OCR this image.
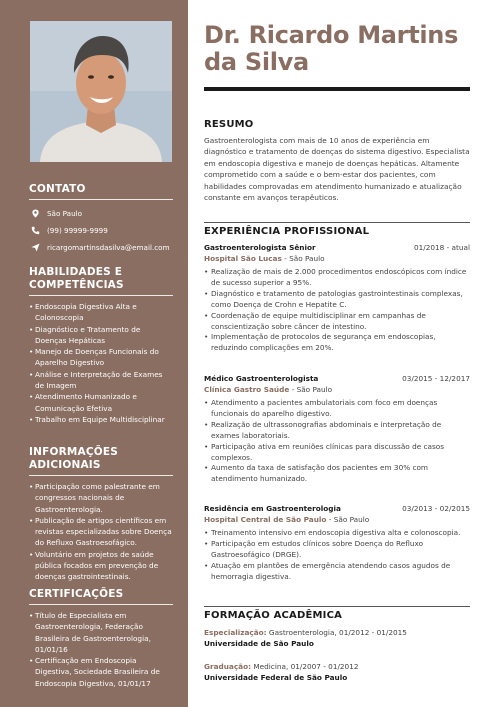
CONTATO
São Paulo
(99) 99999-9999
ricargomartinsdasilva@email.com
HABILIDADES E COMPETÊNCIAS
• Endoscopia Digestiva Alta e Colonoscopia
• Diagnóstico e Tratamento de Doenças Hepáticas
• Manejo de Doenças Funcionais do Aparelho Digestivo
• Análise e Interpretação de Exames de Imagem
• Atendimento Humanizado e Comunicação Efetiva
• Trabalho em Equipe Multidisciplinar
INFORMAÇÕES ADICIONAIS
• Participação como palestrante em congressos nacionais de Gastroenterologia.
• Publicação de artigos científicos em revistas especializadas sobre Doença do Refluxo Gastroesofágico.
• Voluntário em projetos de saúde pública focados em prevenção de doenças gastrointestinais.
CERTIFICAÇÕES
• Título de Especialista em Gastroenterologia, Federação Brasileira de Gastroenterologia, 01/01/16
• Certificação em Endoscopia Digestiva, Sociedade Brasileira de Endoscopia Digestiva, 01/01/17
Dr. Ricardo Martins da Silva
RESUMO
Gastroenterologista com mais de 10 anos de experiência em diagnóstico e tratamento de doenças do sistema digestivo. Especialista em endoscopia digestiva e manejo de doenças hepáticas. Altamente comprometido com a saúde e o bem-estar dos pacientes, com habilidades comprovadas em atendimento humanizado e atualização constante em avanços terapêuticos.
EXPERIÊNCIA PROFISSIONAL
Gastroenterologista Sênior	01/2018 - atual
Hospital São Lucas - São Paulo
• Realização de mais de 2.000 procedimentos endoscópicos com índice de sucesso superior a 95%.
• Diagnóstico e tratamento de patologias gastrointestinais complexas, como Doença de Crohn e Hepatite C.
• Coordenação de equipe multidisciplinar em campanhas de conscientização sobre câncer de intestino.
• Implementação de protocolos de segurança em endoscopias, reduzindo complicações em 20%.
Médico Gastroenterologista	03/2015 - 12/2017
Clínica Gastro Saúde - São Paulo
• Atendimento a pacientes ambulatoriais com foco em doenças funcionais do aparelho digestivo.
• Realização de ultrassonografias abdominais e interpretação de exames laboratoriais.
• Participação ativa em reuniões clínicas para discussão de casos complexos.
• Aumento da taxa de satisfação dos pacientes em 30% com atendimento humanizado.
Residência em Gastroenterologia	03/2013 - 02/2015
Hospital Central de São Paulo - São Paulo
• Treinamento intensivo em endoscopia digestiva alta e colonoscopia.
• Participação em estudos clínicos sobre Doença do Refluxo Gastroesofágico (DRGE).
• Atuação em plantões de emergência atendendo casos agudos de hemorragia digestiva.
FORMAÇÃO ACADÊMICA
Especialização: Gastroenterologia, 01/2012 - 01/2015
Universidade de São Paulo
Graduação: Medicina, 01/2007 - 01/2012
Universidade Federal de São Paulo
